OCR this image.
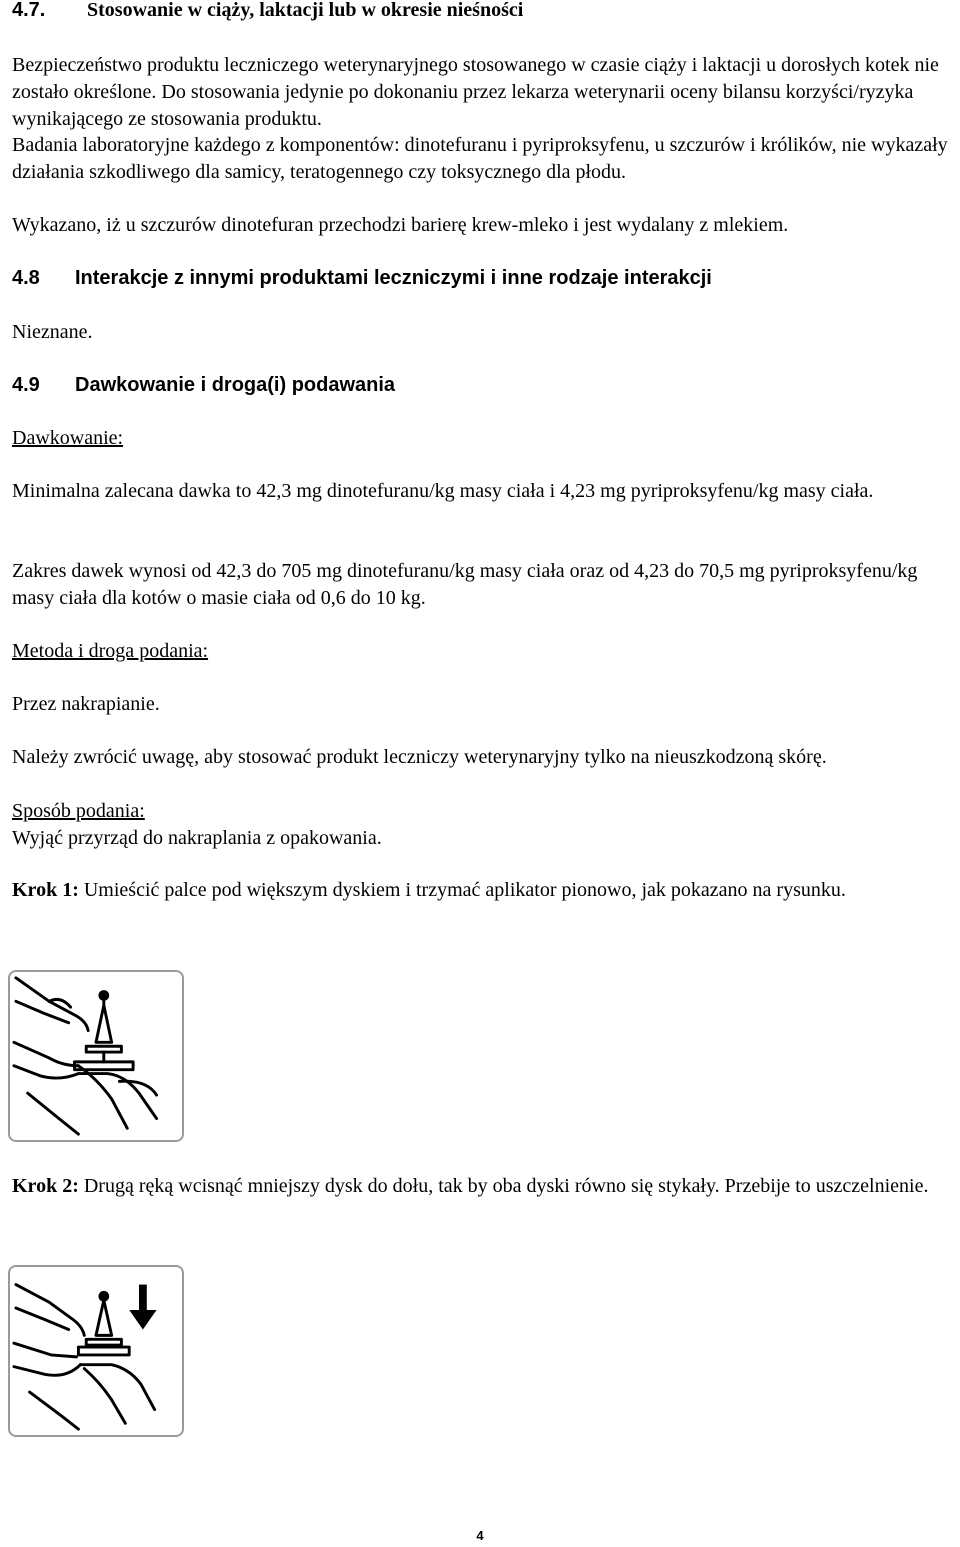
4.7. Stosowanie w ciąży, laktacji lub w okresie nieśności
Bezpieczeństwo produktu leczniczego weterynaryjnego stosowanego w czasie ciąży i laktacji u dorosłych kotek nie zostało określone. Do stosowania jedynie po dokonaniu przez lekarza weterynarii oceny bilansu korzyści/ryzyka wynikającego ze stosowania produktu.
Badania laboratoryjne każdego z komponentów: dinotefuranu i pyriproksyfenu, u szczurów i królików, nie wykazały działania szkodliwego dla samicy, teratogennego czy toksycznego dla płodu.
Wykazano, iż u szczurów dinotefuran przechodzi barierę krew-mleko i jest wydalany z mlekiem.
4.8 Interakcje z innymi produktami leczniczymi i inne rodzaje interakcji
Nieznane.
4.9 Dawkowanie i droga(i) podawania
Dawkowanie:
Minimalna zalecana dawka to 42,3 mg dinotefuranu/kg masy ciała i 4,23 mg pyriproksyfenu/kg masy ciała.
Zakres dawek wynosi od 42,3 do 705 mg dinotefuranu/kg masy ciała oraz od 4,23 do 70,5 mg pyriproksyfenu/kg masy ciała dla kotów o masie ciała od 0,6 do 10 kg.
Metoda i droga podania:
Przez nakrapianie.
Należy zwrócić uwagę, aby stosować produkt leczniczy weterynaryjny tylko na nieuszkodzoną skórę.
Sposób podania:
Wyjąć przyrząd do nakraplania z opakowania.
Krok 1: Umieścić palce pod większym dyskiem i trzymać aplikator pionowo, jak pokazano na rysunku.
Krok 2: Drugą ręką wcisnąć mniejszy dysk do dołu, tak by oba dyski równo się stykały. Przebije to uszczelnienie.
4
